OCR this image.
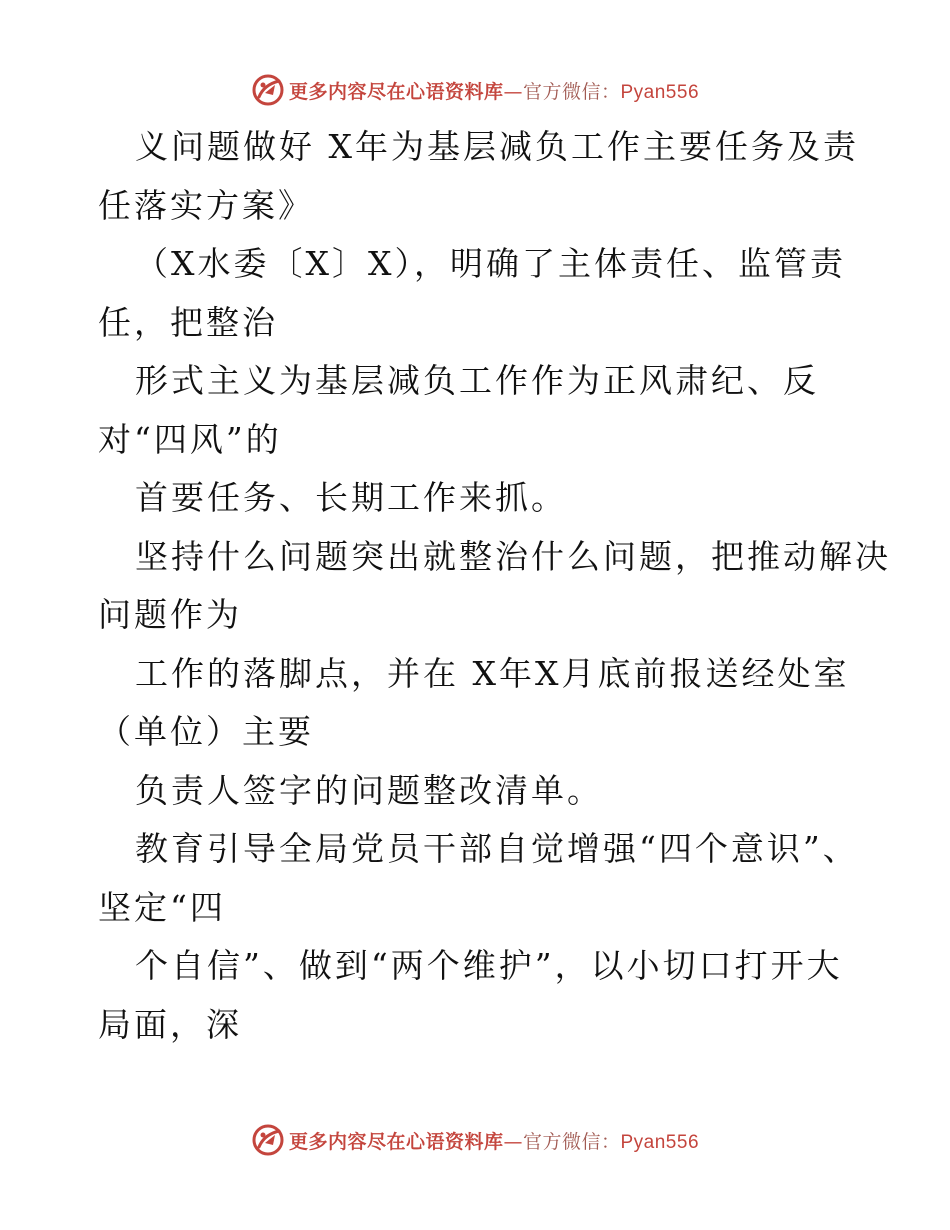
更多内容尽在心语资料库—官方微信：Pyan556
义问题做好 X年为基层减负工作主要任务及责
任落实方案》
（X水委〔X〕X），明确了主体责任、监管责
任，把整治
形式主义为基层减负工作作为正风肃纪、反
对“四风”的
首要任务、长期工作来抓。
坚持什么问题突出就整治什么问题，把推动解决
问题作为
工作的落脚点，并在 X年X月底前报送经处室
（单位）主要
负责人签字的问题整改清单。
教育引导全局党员干部自觉增强“四个意识”、
坚定“四
个自信”、做到“两个维护”，以小切口打开大
局面，深
更多内容尽在心语资料库—官方微信：Pyan556
